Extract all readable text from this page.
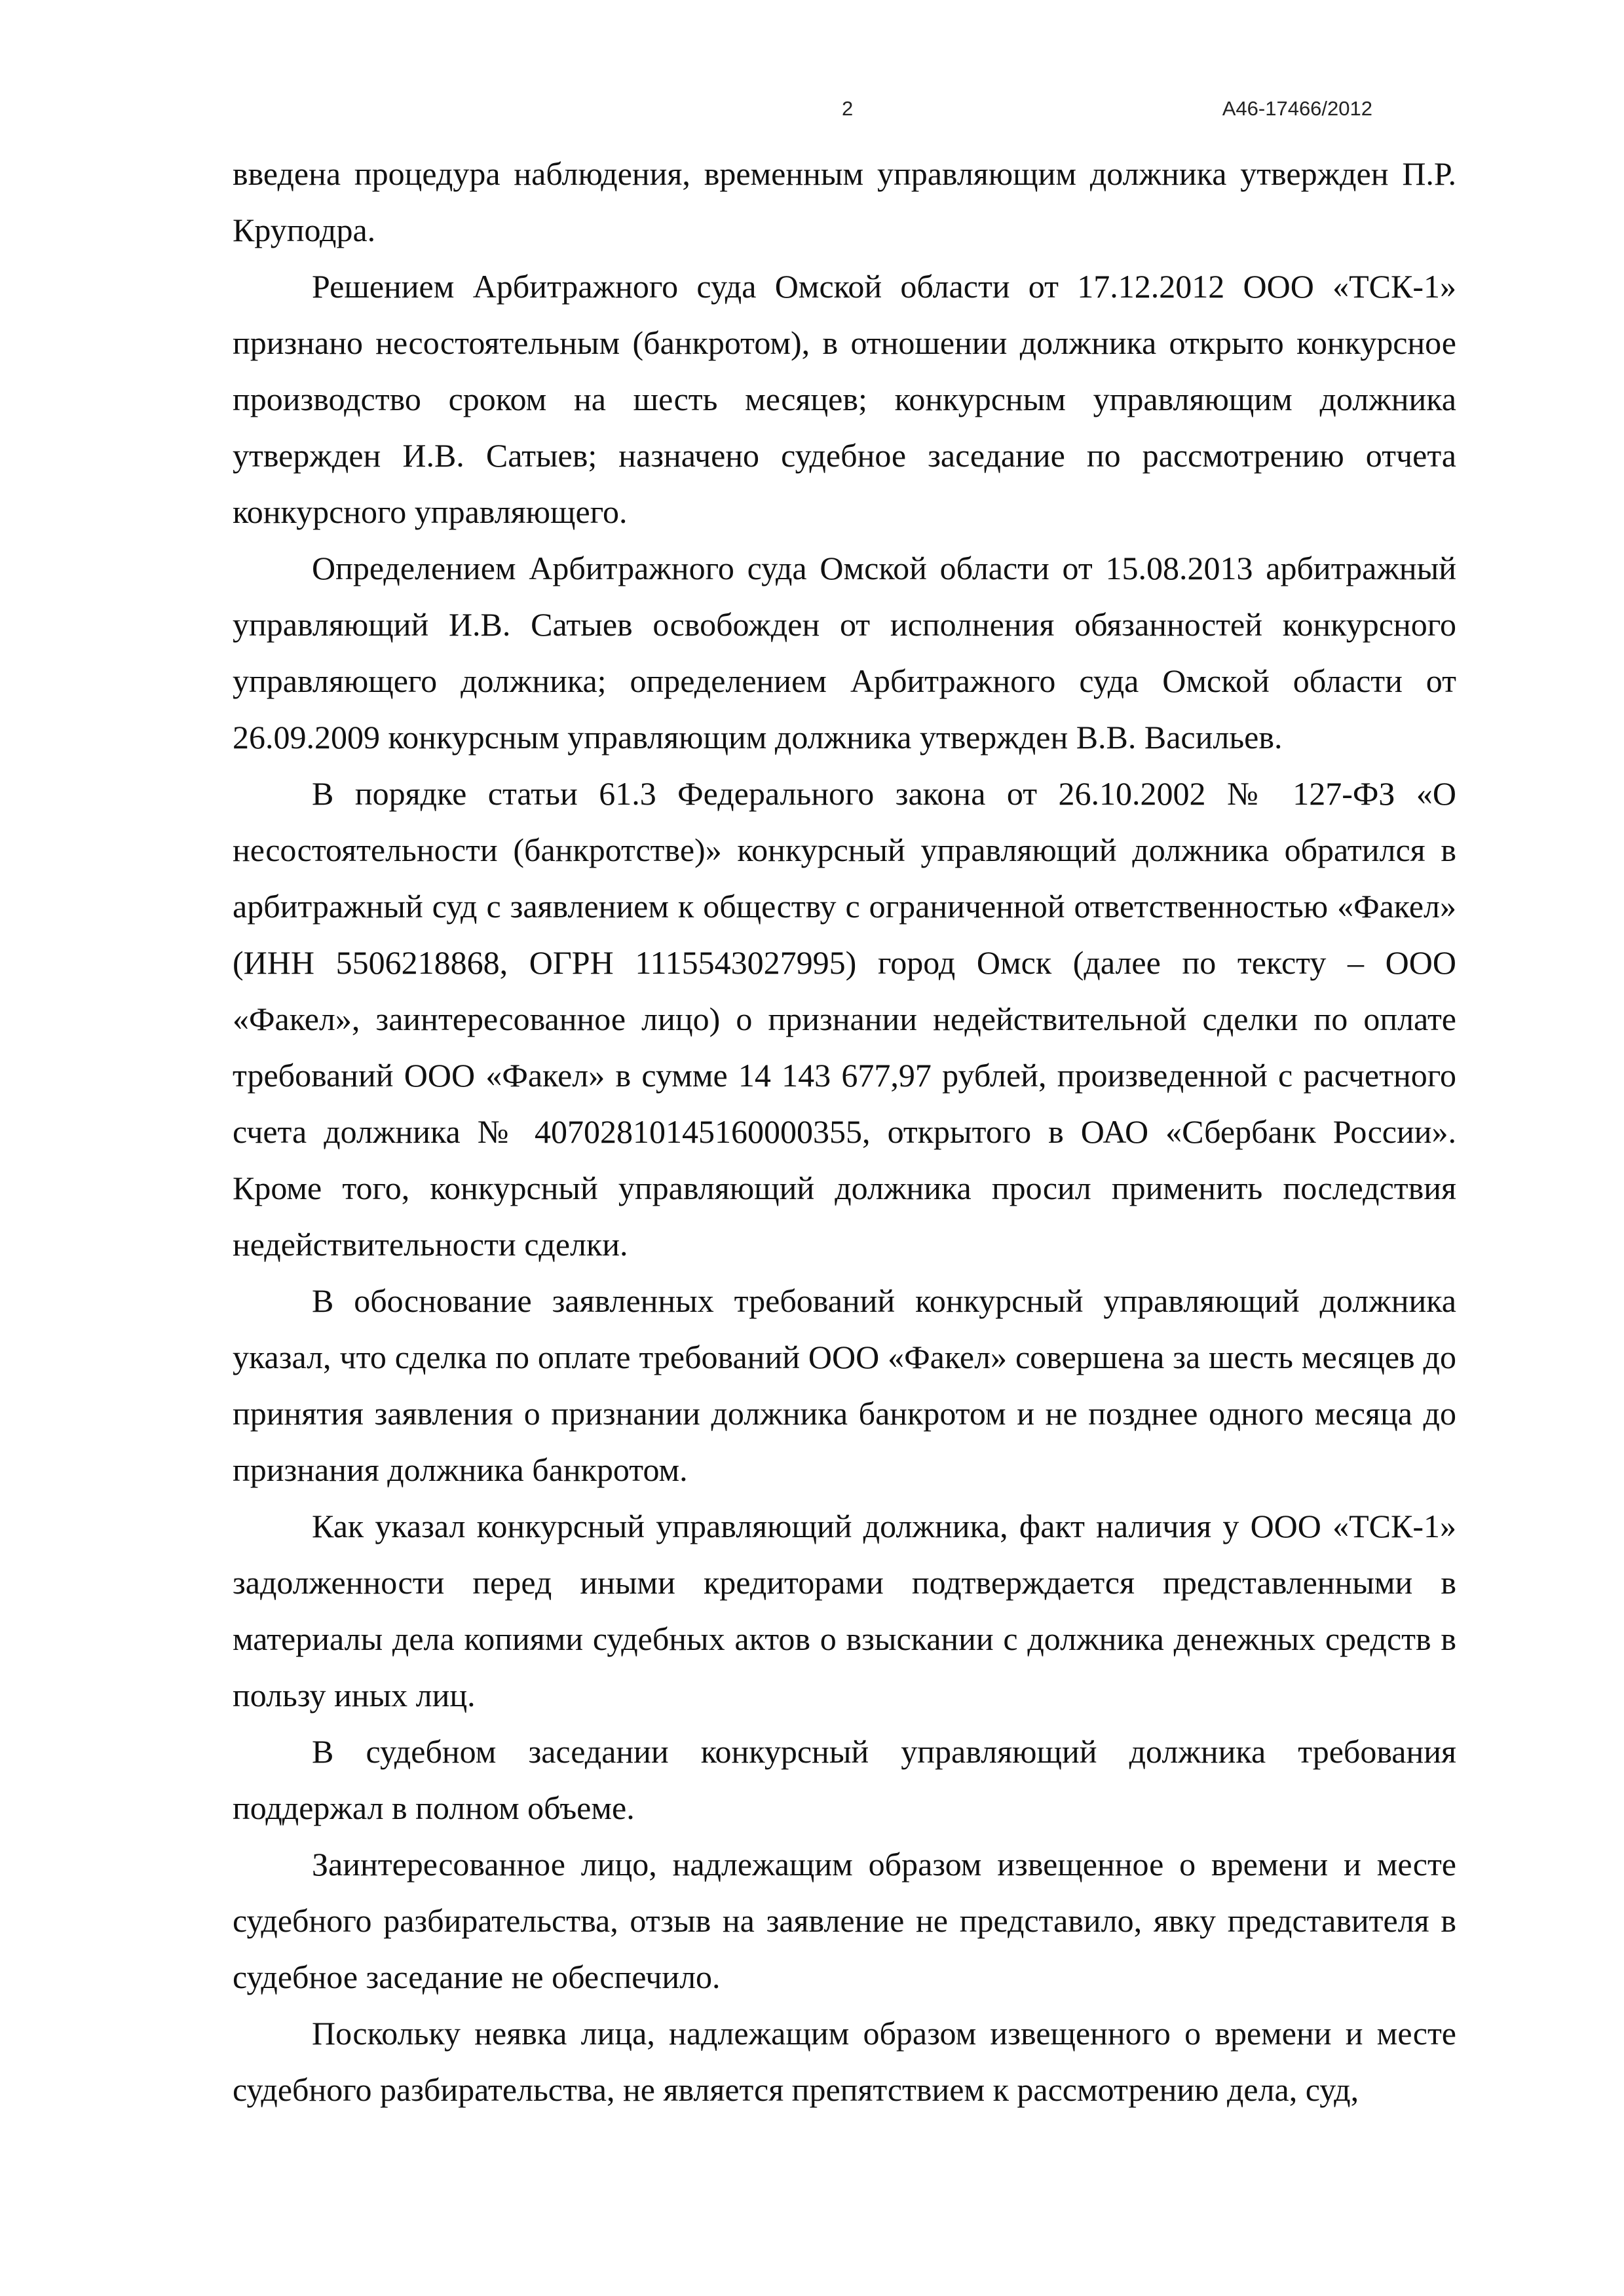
2	А46-17466/2012

введена процедура наблюдения, временным управляющим должника утвержден П.Р. Круподра.

Решением Арбитражного суда Омской области от 17.12.2012 ООО «ТСК-1» признано несостоятельным (банкротом), в отношении должника открыто конкурсное производство сроком на шесть месяцев; конкурсным управляющим должника утвержден И.В. Сатыев; назначено судебное заседание по рассмотрению отчета конкурсного управляющего.

Определением Арбитражного суда Омской области от 15.08.2013 арбитражный управляющий И.В. Сатыев освобожден от исполнения обязанностей конкурсного управляющего должника; определением Арбитражного суда Омской области от 26.09.2009 конкурсным управляющим должника утвержден В.В. Васильев.

В порядке статьи 61.3 Федерального закона от 26.10.2002 № 127-ФЗ «О несостоятельности (банкротстве)» конкурсный управляющий должника обратился в арбитражный суд с заявлением к обществу с ограниченной ответственностью «Факел» (ИНН 5506218868, ОГРН 1115543027995) город Омск (далее по тексту – ООО «Факел», заинтересованное лицо) о признании недействительной сделки по оплате требований ООО «Факел» в сумме 14 143 677,97 рублей, произведенной с расчетного счета должника № 40702810145160000355, открытого в ОАО «Сбербанк России». Кроме того, конкурсный управляющий должника просил применить последствия недействительности сделки.

В обоснование заявленных требований конкурсный управляющий должника указал, что сделка по оплате требований ООО «Факел» совершена за шесть месяцев до принятия заявления о признании должника банкротом и не позднее одного месяца до признания должника банкротом.

Как указал конкурсный управляющий должника, факт наличия у ООО «ТСК-1» задолженности перед иными кредиторами подтверждается представленными в материалы дела копиями судебных актов о взыскании с должника денежных средств в пользу иных лиц.

В судебном заседании конкурсный управляющий должника требования поддержал в полном объеме.

Заинтересованное лицо, надлежащим образом извещенное о времени и месте судебного разбирательства, отзыв на заявление не представило, явку представителя в судебное заседание не обеспечило.

Поскольку неявка лица, надлежащим образом извещенного о времени и месте судебного разбирательства, не является препятствием к рассмотрению дела, суд,
